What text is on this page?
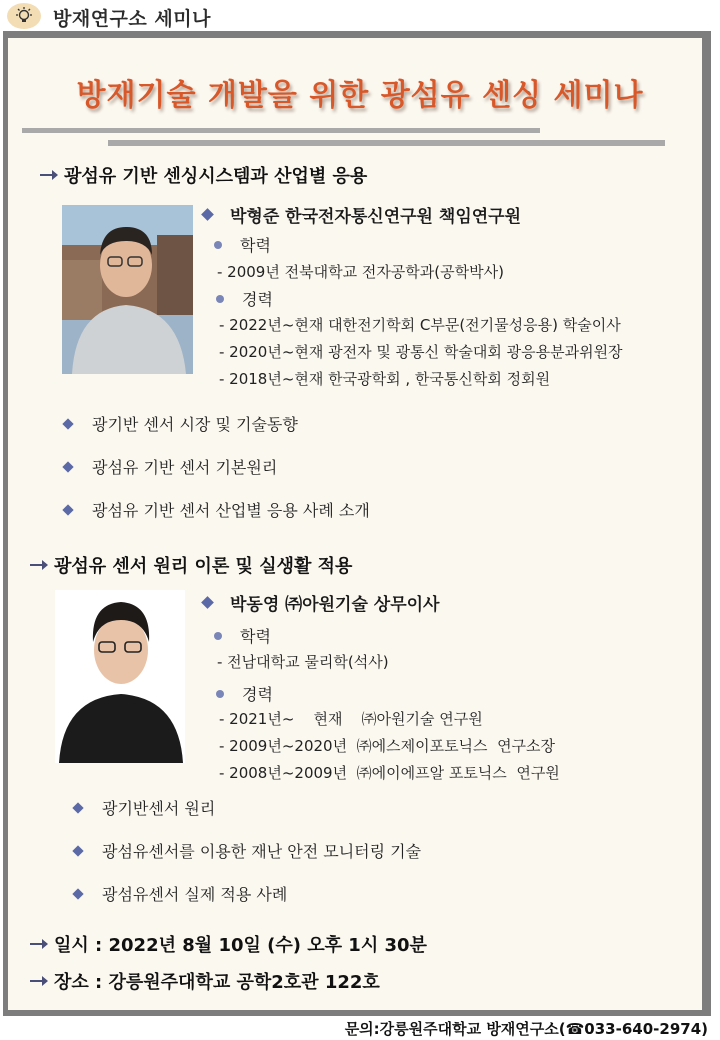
방재연구소 세미나
방재기술 개발을 위한 광섬유 센싱 세미나
광섬유 기반 센싱시스템과 산업별 응용
박형준 한국전자통신연구원 책임연구원
학력
- 2009년 전북대학교 전자공학과(공학박사)
경력
- 2022년~현재 대한전기학회 C부문(전기물성응용) 학술이사
- 2020년~현재 광전자 및 광통신 학술대회 광응용분과위원장
- 2018년~현재 한국광학회 , 한국통신학회 정회원
광기반 센서 시장 및 기술동향
광섬유 기반 센서 기본원리
광섬유 기반 센서 산업별 응용 사례 소개
광섬유 센서 원리 이론 및 실생활 적용
박동영 ㈜아원기술 상무이사
학력
- 전남대학교 물리학(석사)
경력
- 2021년~    현재    ㈜아원기술 연구원
- 2009년~2020년  ㈜에스제이포토닉스  연구소장
- 2008년~2009년  ㈜에이에프알 포토닉스  연구원
광기반센서 원리
광섬유센서를 이용한 재난 안전 모니터링 기술
광섬유센서 실제 적용 사례
일시 : 2022년 8월 10일 (수) 오후 1시 30분
장소 : 강릉원주대학교 공학2호관 122호
문의:강릉원주대학교 방재연구소(☎033-640-2974)
